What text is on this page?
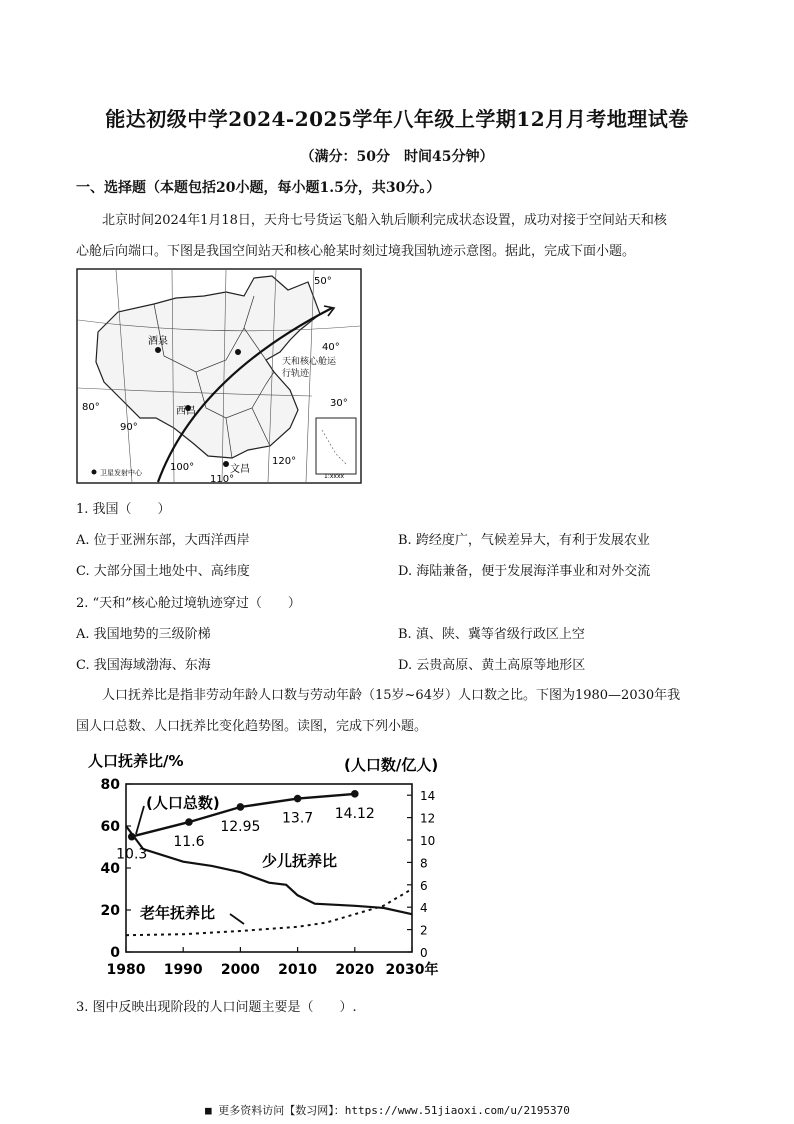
能达初级中学2024-2025学年八年级上学期12月月考地理试卷
（满分：50分　时间45分钟）
一、选择题（本题包括20小题，每小题1.5分，共30分。）
北京时间2024年1月18日，天舟七号货运飞船入轨后顺利完成状态设置，成功对接于空间站天和核
心舱后向端口。下图是我国空间站天和核心舱某时刻过境我国轨迹示意图。据此，完成下面小题。
50°
40°
30°
80°
90°
100°
110°
120°
酒泉
西昌
文昌
天和核心舱运行轨迹
卫星发射中心	1:xxxx
1. 我国（　　）
A. 位于亚洲东部，大西洋西岸	B. 跨经度广，气候差异大，有利于发展农业
C. 大部分国土地处中、高纬度	D. 海陆兼备，便于发展海洋事业和对外交流
2. “天和”核心舱过境轨迹穿过（　　）
A. 我国地势的三级阶梯	B. 滇、陕、冀等省级行政区上空
C. 我国海域渤海、东海	D. 云贵高原、黄土高原等地形区
人口抚养比是指非劳动年龄人口数与劳动年龄（15岁~64岁）人口数之比。下图为1980—2030年我
国人口总数、人口抚养比变化趋势图。读图，完成下列小题。
人口抚养比/%	(人口数/亿人)
0
20
40
60
80
0
2
4
6
8
10
12
14
1980 1990 2000 2010 2020 2030年
10.3
11.6
12.95
13.7 14.12
(人口总数)
少儿抚养比
老年抚养比
3. 图中反映出现阶段的人口问题主要是（　　）.
■ 更多资料访问【数习网】：https://www.51jiaoxi.com/u/2195370
